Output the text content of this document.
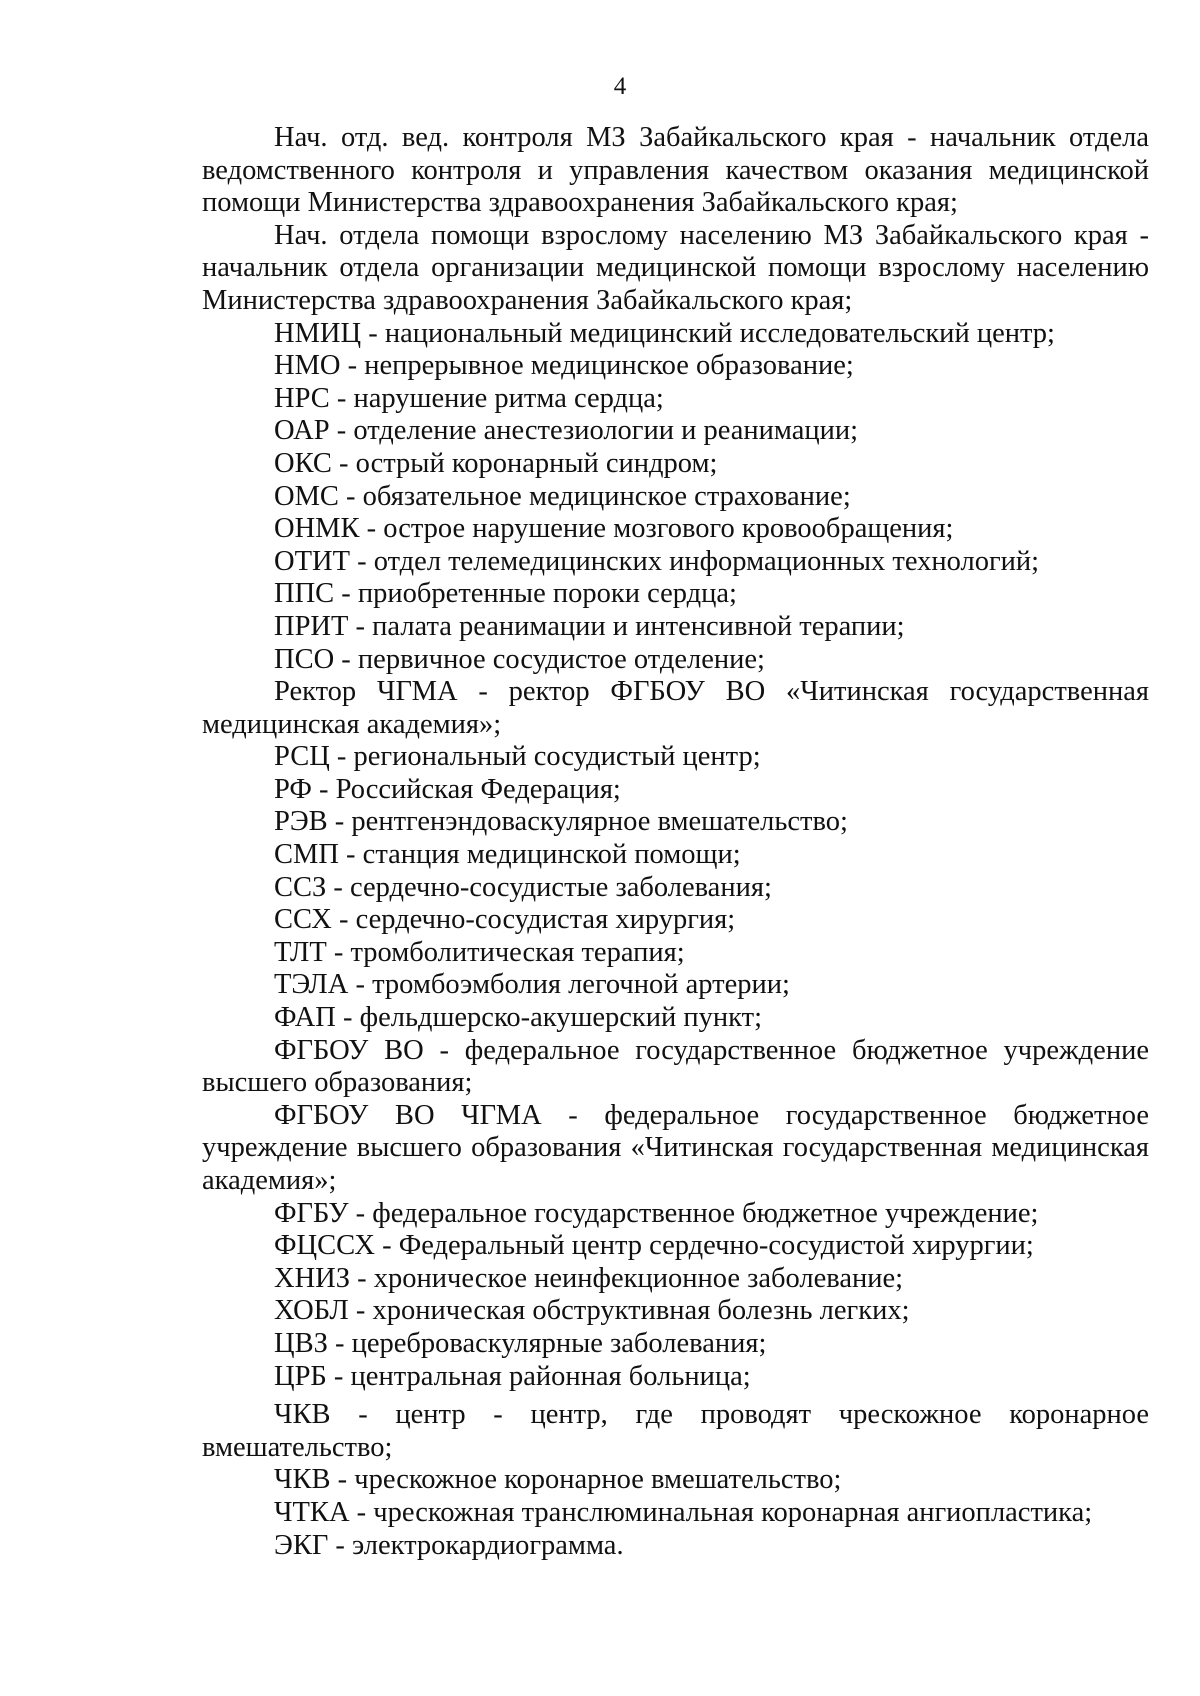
4

Нач. отд. вед. контроля МЗ Забайкальского края - начальник отдела ведомственного контроля и управления качеством оказания медицинской помощи Министерства здравоохранения Забайкальского края;

Нач. отдела помощи взрослому населению МЗ Забайкальского края - начальник отдела организации медицинской помощи взрослому населению Министерства здравоохранения Забайкальского края;

НМИЦ - национальный медицинский исследовательский центр;

НМО - непрерывное медицинское образование;

НРС - нарушение ритма сердца;

ОАР - отделение анестезиологии и реанимации;

ОКС - острый коронарный синдром;

ОМС - обязательное медицинское страхование;

ОНМК - острое нарушение мозгового кровообращения;

ОТИТ - отдел телемедицинских информационных технологий;

ППС - приобретенные пороки сердца;

ПРИТ - палата реанимации и интенсивной терапии;

ПСО - первичное сосудистое отделение;

Ректор ЧГМА - ректор ФГБОУ ВО «Читинская государственная медицинская академия»;

РСЦ - региональный сосудистый центр;

РФ - Российская Федерация;

РЭВ - рентгенэндоваскулярное вмешательство;

СМП - станция медицинской помощи;

ССЗ - сердечно-сосудистые заболевания;

ССХ - сердечно-сосудистая хирургия;

ТЛТ - тромболитическая терапия;

ТЭЛА - тромбоэмболия легочной артерии;

ФАП - фельдшерско-акушерский пункт;

ФГБОУ ВО - федеральное государственное бюджетное учреждение высшего образования;

ФГБОУ ВО ЧГМА - федеральное государственное бюджетное учреждение высшего образования «Читинская государственная медицинская академия»;

ФГБУ - федеральное государственное бюджетное учреждение;

ФЦССХ - Федеральный центр сердечно-сосудистой хирургии;

ХНИЗ - хроническое неинфекционное заболевание;

ХОБЛ - хроническая обструктивная болезнь легких;

ЦВЗ - цереброваскулярные заболевания;

ЦРБ - центральная районная больница;

ЧКВ - центр - центр, где проводят чрескожное коронарное вмешательство;

ЧКВ - чрескожное коронарное вмешательство;

ЧТКА - чрескожная транслюминальная коронарная ангиопластика;

ЭКГ - электрокардиограмма.
